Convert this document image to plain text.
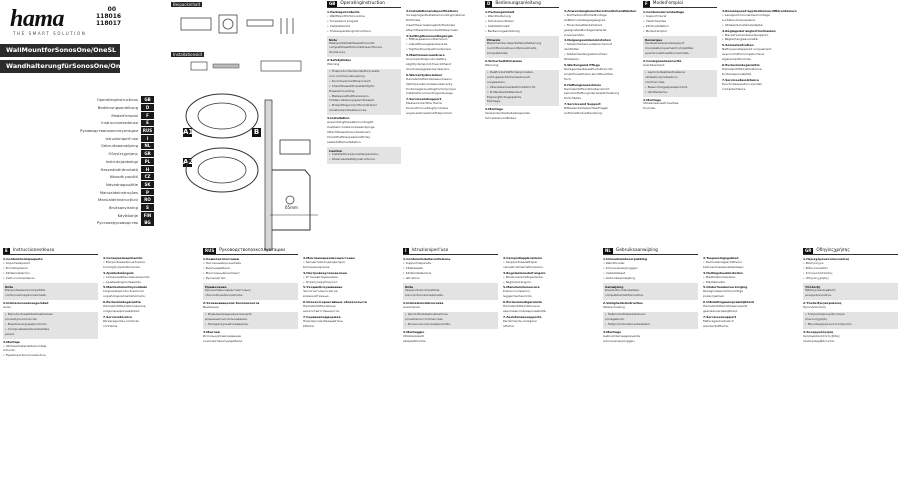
hama
THE SMART SOLUTION
00
118016
118017
WallMountforSonosOne/OneSL
WandhalterungfürSonosOne/OneSL
Operatinginstructions	GB
Bedienungsanleitung	D
Moded'emploi	F
Instruccionesdeuso	E
Руководствопоэксплуатации	RUS
Istruzioniperl'uso	I
Gebruiksaanwijzing	NL
Οδηγίεςχρήσης	GR
Instrukcjaobsługi	PL
Használatiútmutató	H
Návodk použití	CZ
Návodnapoužitie	SK
Manualdeinstruções	P
Manualdeinstrucţiuni	RO
Bruksanvisning	S
Käyttöohje	FIN
Pусскоеруководство	BG
Beipackinhalt
Installationskit
A1	B
A2
65mm
GB	OperatingInstruction
1.PackageContents
• WallMountforSonosOne
• Screwsand plugset
• Installationkit
• Theseoperatinginstructions
Note
Pleasenotethatthewallmountis compatiblewithSonosOneandSonos
OneSLonly.
2.SafetyNotes
Warning
• Theproductisintendedforprivate,
non-commercialuseonly.
• Donotoverloadtheproduct.
• Checkthewallforsuitabilityfor
thewallmounting.
• Makesurethatthereareno
hiddencablesorpipesinthewall.
• Protecttheproductfromdirtand
moistureandheatsources.
3.Installation
Assemblingthewallmountingkit
Usetheincludedscrewsandplugs.
Attachthewallmountasshown.
Checkthatthespeakerisfirmly
seatedafterinstallation.
Caution
• Installationrequirestwopersons.
• Observeallsafetyinstructions.
3.Installationandspecifications
Screwplugsofsuitablemountingmaterial
Drillholes
Insertthescrewplugsintotheholes
Attachthewallmountwiththescrews
4.Settingthemountingangle
• Fitthespeakeronthemount.
• Adjusttheangleasrequired.
• Tightentheadjustmentscrew.
5.Maintenanceandcare
Onlycleanthisproductwitha
slightlydamp,lint-freeclothand
donotuseaggressivecleaners.
6.Warrantydisclaimer
HamaGmbH&CoKGassumesno
liabilityandprovidesnowarranty
fordamageresultingfromimproper
installation,mountingandusage.
7.Serviceandsupport
Pleasecontactthe Hama
ProductConsultingifyouhave
anyquestionsaboutthisproduct.
D	Bedienungsanleitung
1.Packungsinhalt
• Wandhalterung
• Schrauben/Dübel
• Installationskit
• Bedienungsanleitung
Hinweis
BeachtenSie,dassdieWandhalterung
nurmitSonosOneundSonosOneSL
kompatibelist.
2.Sicherheitshinweise
Warnung
• DasProduktistfürdenprivaten,
nicht-gewerblichenGebrauch
vorgesehen.
• ÜberlastenSiedasProduktnicht.
• PrüfenSiedieWandauf
Eignungfürdiegeplante
Montage.
3.Montage
VerwendenSiediebeiliegenden
SchraubenundDübel.
3.AnwendungbeiunterschiedlichenWänden
• DerHalteristfürdieMontage
anBeton,Vollziegelgeeignet.
• FürandereWandartenist
geeignetesMontagematerial
zuverwenden.
4.Neigungswinkeleinstellen
• SetzenSiedenLautsprecherauf
denHalter.
• StellenSiedengewünschten
Winkelein.
5.Wartungund Pflege
ReinigenSiediesesProduktnurmit
einemfusselfreien,leichtfeuchten
Tuch.
6.Haftungsausschluss
HamaGmbH&CoKGübernimmt
keinerleiHaftungoderGewährleistung
fürSchäden.
7.Serviceund Support
BittewendenSiesichbeiFragen
anHamaProduktberatung.
F	Moded'emploi
1.Contenudel'emballage
• Supportmural
• Visetchevilles
• Kitd'installation
• Moded'emploi
Remarque
Veuilleznoterquelesupport
muralestuniquementcompatible
avecSonosOneetSonosOneSL.
2.Consignesdesécurité
Avertissement
• Leproduitestdestinéàune
utilisationprivéeetnon
commerciale.
• Nesurchargezpasleproduit.
• Vérifiezlemur.
3.Montage
Utilisezlesvisetchevilles
fournies.
3.Remarquesd'applicationsurdifférentsmurs
• Lesupportconvientaumontage
surbéton,briquepleine.
• Utilisezdumatérieladapté.
4.Réglagedel'angled'inclinaison
• Placezl'enceintesurlesupport.
• Réglezl'anglesouhaité.
5.Soinsetentretien
Nettoyezcetappareil uniquement
avecunchiffonnonpelucheux
légèrementhumide.
6.Exclusiondegarantie
HamaGmbH&CoKGdécline
touteresponsabilité.
7.Serviceetassistance
Pourtoutequestion,veuillez
contacterHama.
E	Instruccionesdeuso
1.Contenidodelpaquete
• Soportedepared
• Tornillosytacos
• Kitdeinstalación
• Instruccionesdeuso
Nota
Elsoporteessolocompatible
conSonosOneySonosOneSL.
2.Indicacionesdeseguridad
Aviso
• Elproductoestádestinadoaluso
privadoynocomercial.
• Nosobrecargueelproducto.
• Compruebelaidoneidaddela
pared.
3.Montaje
• Utiliceelmaterialdemontaje
incluido.
• Fijeelsoportecomoseindica.
3.Consejosdeaplicación
• Elsoporteesadecuadopara
hormigónyladrillomacizo.
4.Ajustedelángulo
• Coloqueelaltavozenelsoporte.
• Ajusteelángulodeseado.
5.Mantenimientoycuidado
Limpieesteproductosolocon
unpañoligeramentehúmedo.
6.Exclusióndegarantía
HamaGmbH&CoKGnoasume
ningunaresponsabilidad.
7.Serviciotécnico
Parapreguntas,contacte
conHama.
RUS	Руководствопоэксплуатации
1.Комплектпоставки
• Настенныйкронштейн
• Винтыидюбели
• Монтажныйкомплект
• Руководство
Примечание
Кронштейнсовместимтолько
сSonosOneиSonosOneSL.
2.Указаниявцелях безопасности
Внимание
• Изделиепредназначенодля
домашнегоиспользования.
• Неперегружайтеизделие.
3.Монтаж
Используйтевходящиев
комплектвинтыидюбели.
3.Монтажнаразличныхстенах
• Кронштейнподходитдля
бетонаикирпича.
4.Настройкаугланаклона
• Установитединамик.
• Отрегулируйтеугол.
5.Уходиобслуживание
Чиститетолькослегка
влажнойтканью.
6.Отказотгарантийных обязательств
HamaGmbH&CoKGне
несетответственности.
7.Сервисиподдержка
Повопросамобращайтесь
вHama.
I	Istruzioniperl'uso
1.Contenutodellaconfezione
• Supportoaparete
• Vitietasselli
• Kitdiinstallazione
• Istruzioni
Nota
Ilsupportoècompatibile
soloconSonosOneeOneSL.
2.Indicazionidisicurezza
Avvertenza
• Ilprodottoèdestinatoall'uso
privatoenoncommerciale.
• Nonsovraccaricareilprodotto.
3.Montaggio
Utilizzareleviti
etassellifornite.
3.Campodiapplicazione
• Ilsupportoèadattoper
calcestruzzoemattonipieni.
4.Regolazionedell'angolo
• Posizionarel'altoparlante.
• Regolarel'angolo.
5.Manutenzioneecura
Pulireconunpanno
leggermenteumido.
6.Esclusionedigaranzia
HamaGmbH&CoKGnonsi
assumealcunaresponsabilità.
7.Assistenzaesupporto
Perdomande,rivolgersi
aHama.
NL	Gebruiksaanwijzing
1.Inhoudvandeverpakking
• Wandhouder
• Schroevenenpluggen
• Installatieset
• Gebruiksaanwijzing
Aanwijzing
Dewandhouderisalleen
compatibelmetSonosOne.
2.Veiligheidsinstructies
Waarschuwing
• Hetproductisbedoeldvoor
privégebruik.
• Hetproductnietoverbelasten.
3.Montage
Gebruikdemeegeleverde
schroevenenpluggen.
3.Toepassingsgebied
• Dehouderisgeschiktvoor
betonenmassievebaksteen.
4.Hellingshoekinstellen
• Plaatsdeluidspreker.
• Steldehoekin.
5.Onderhoudenverzorging
Reinigmeteenlichtvochtige
pluisvrijedoek.
6.Uitsluitingaansprakelijkheid
HamaGmbH&CoKGaanvaardt
geenaansprakelijkheid.
7.Serviceensupport
Metvragenkuntuzich
wendentotHama.
GR	Οδηγίεςχρήσης
1.Περιεχόμενασυσκευασίας
• Βάσητοίχου
• Βίδεςκαιούπατ
• Κιτεγκατάστασης
• Οδηγίεςχρήσης
Υπόδειξη
Ηβάσηείναισυμβατή
μόνομεSonosOne.
2.Υποδείξειςασφαλείας
Προειδοποίηση
• Τοπροϊόνπροορίζεταιγια
ιδιωτικήχρήση.
• Μηνυπερφορτώνετετοπροϊόν.
3.Συναρμολόγηση
Χρησιμοποιήστετιςβίδες
πουπεριλαμβάνονται.
